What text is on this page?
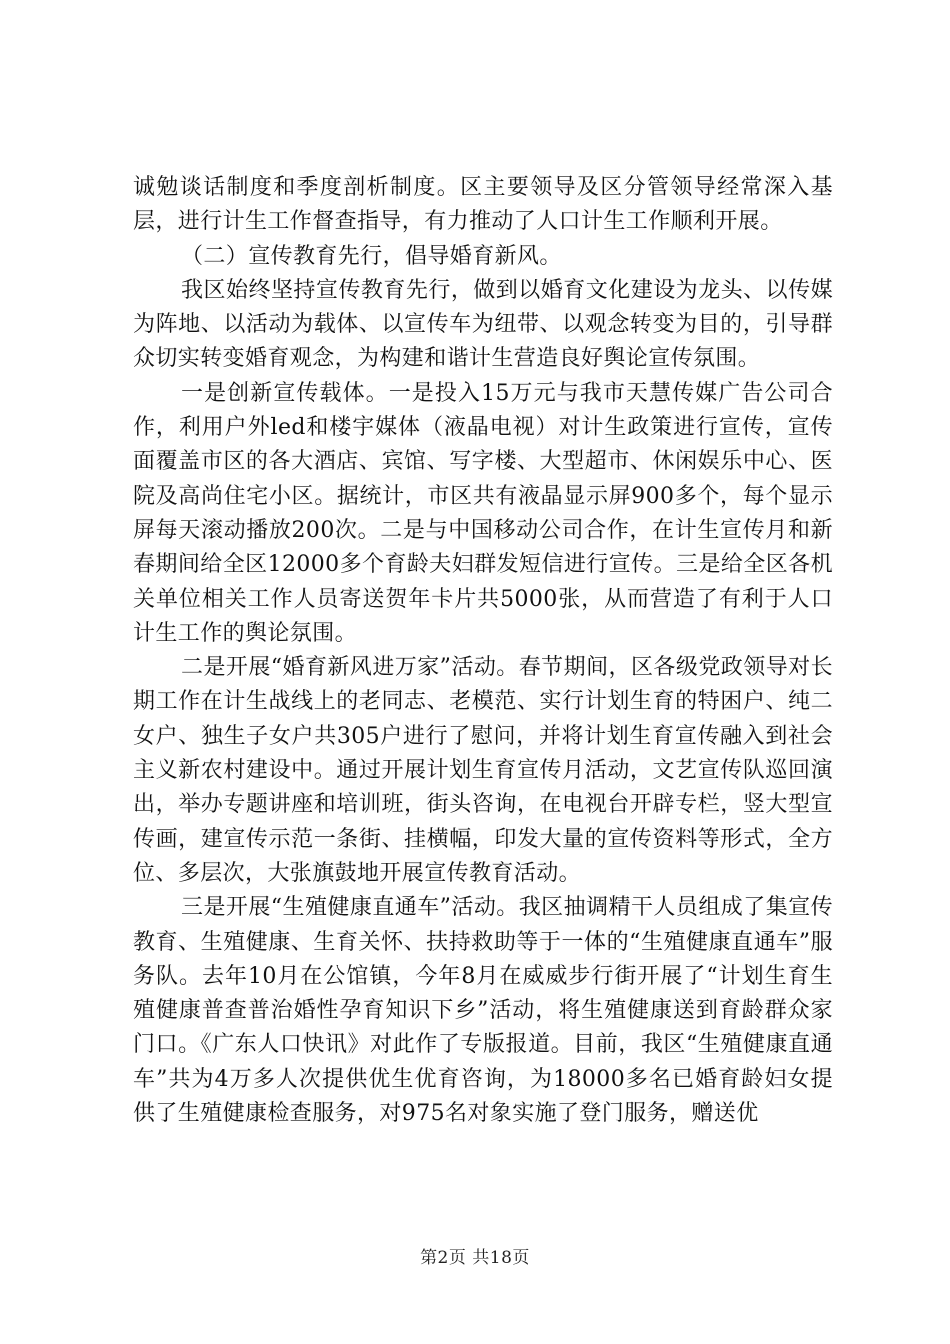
诚勉谈话制度和季度剖析制度。区主要领导及区分管领导经常深入基层，进行计生工作督查指导，有力推动了人口计生工作顺利开展。

（二）宣传教育先行，倡导婚育新风。

我区始终坚持宣传教育先行，做到以婚育文化建设为龙头、以传媒为阵地、以活动为载体、以宣传车为纽带、以观念转变为目的，引导群众切实转变婚育观念，为构建和谐计生营造良好舆论宣传氛围。

一是创新宣传载体。一是投入15万元与我市天慧传媒广告公司合作，利用户外led和楼宇媒体（液晶电视）对计生政策进行宣传，宣传面覆盖市区的各大酒店、宾馆、写字楼、大型超市、休闲娱乐中心、医院及高尚住宅小区。据统计，市区共有液晶显示屏900多个，每个显示屏每天滚动播放200次。二是与中国移动公司合作，在计生宣传月和新春期间给全区12000多个育龄夫妇群发短信进行宣传。三是给全区各机关单位相关工作人员寄送贺年卡片共5000张，从而营造了有利于人口计生工作的舆论氛围。

二是开展“婚育新风进万家”活动。春节期间，区各级党政领导对长期工作在计生战线上的老同志、老模范、实行计划生育的特困户、纯二女户、独生子女户共305户进行了慰问，并将计划生育宣传融入到社会主义新农村建设中。通过开展计划生育宣传月活动，文艺宣传队巡回演出，举办专题讲座和培训班，街头咨询，在电视台开辟专栏，竖大型宣传画，建宣传示范一条街、挂横幅，印发大量的宣传资料等形式，全方位、多层次，大张旗鼓地开展宣传教育活动。

三是开展“生殖健康直通车”活动。我区抽调精干人员组成了集宣传教育、生殖健康、生育关怀、扶持救助等于一体的“生殖健康直通车”服务队。去年10月在公馆镇，今年8月在威威步行街开展了“计划生育生殖健康普查普治婚性孕育知识下乡”活动，将生殖健康送到育龄群众家门口。《广东人口快讯》对此作了专版报道。目前，我区“生殖健康直通车”共为4万多人次提供优生优育咨询，为18000多名已婚育龄妇女提供了生殖健康检查服务，对975名对象实施了登门服务，赠送优

第2页 共18页
